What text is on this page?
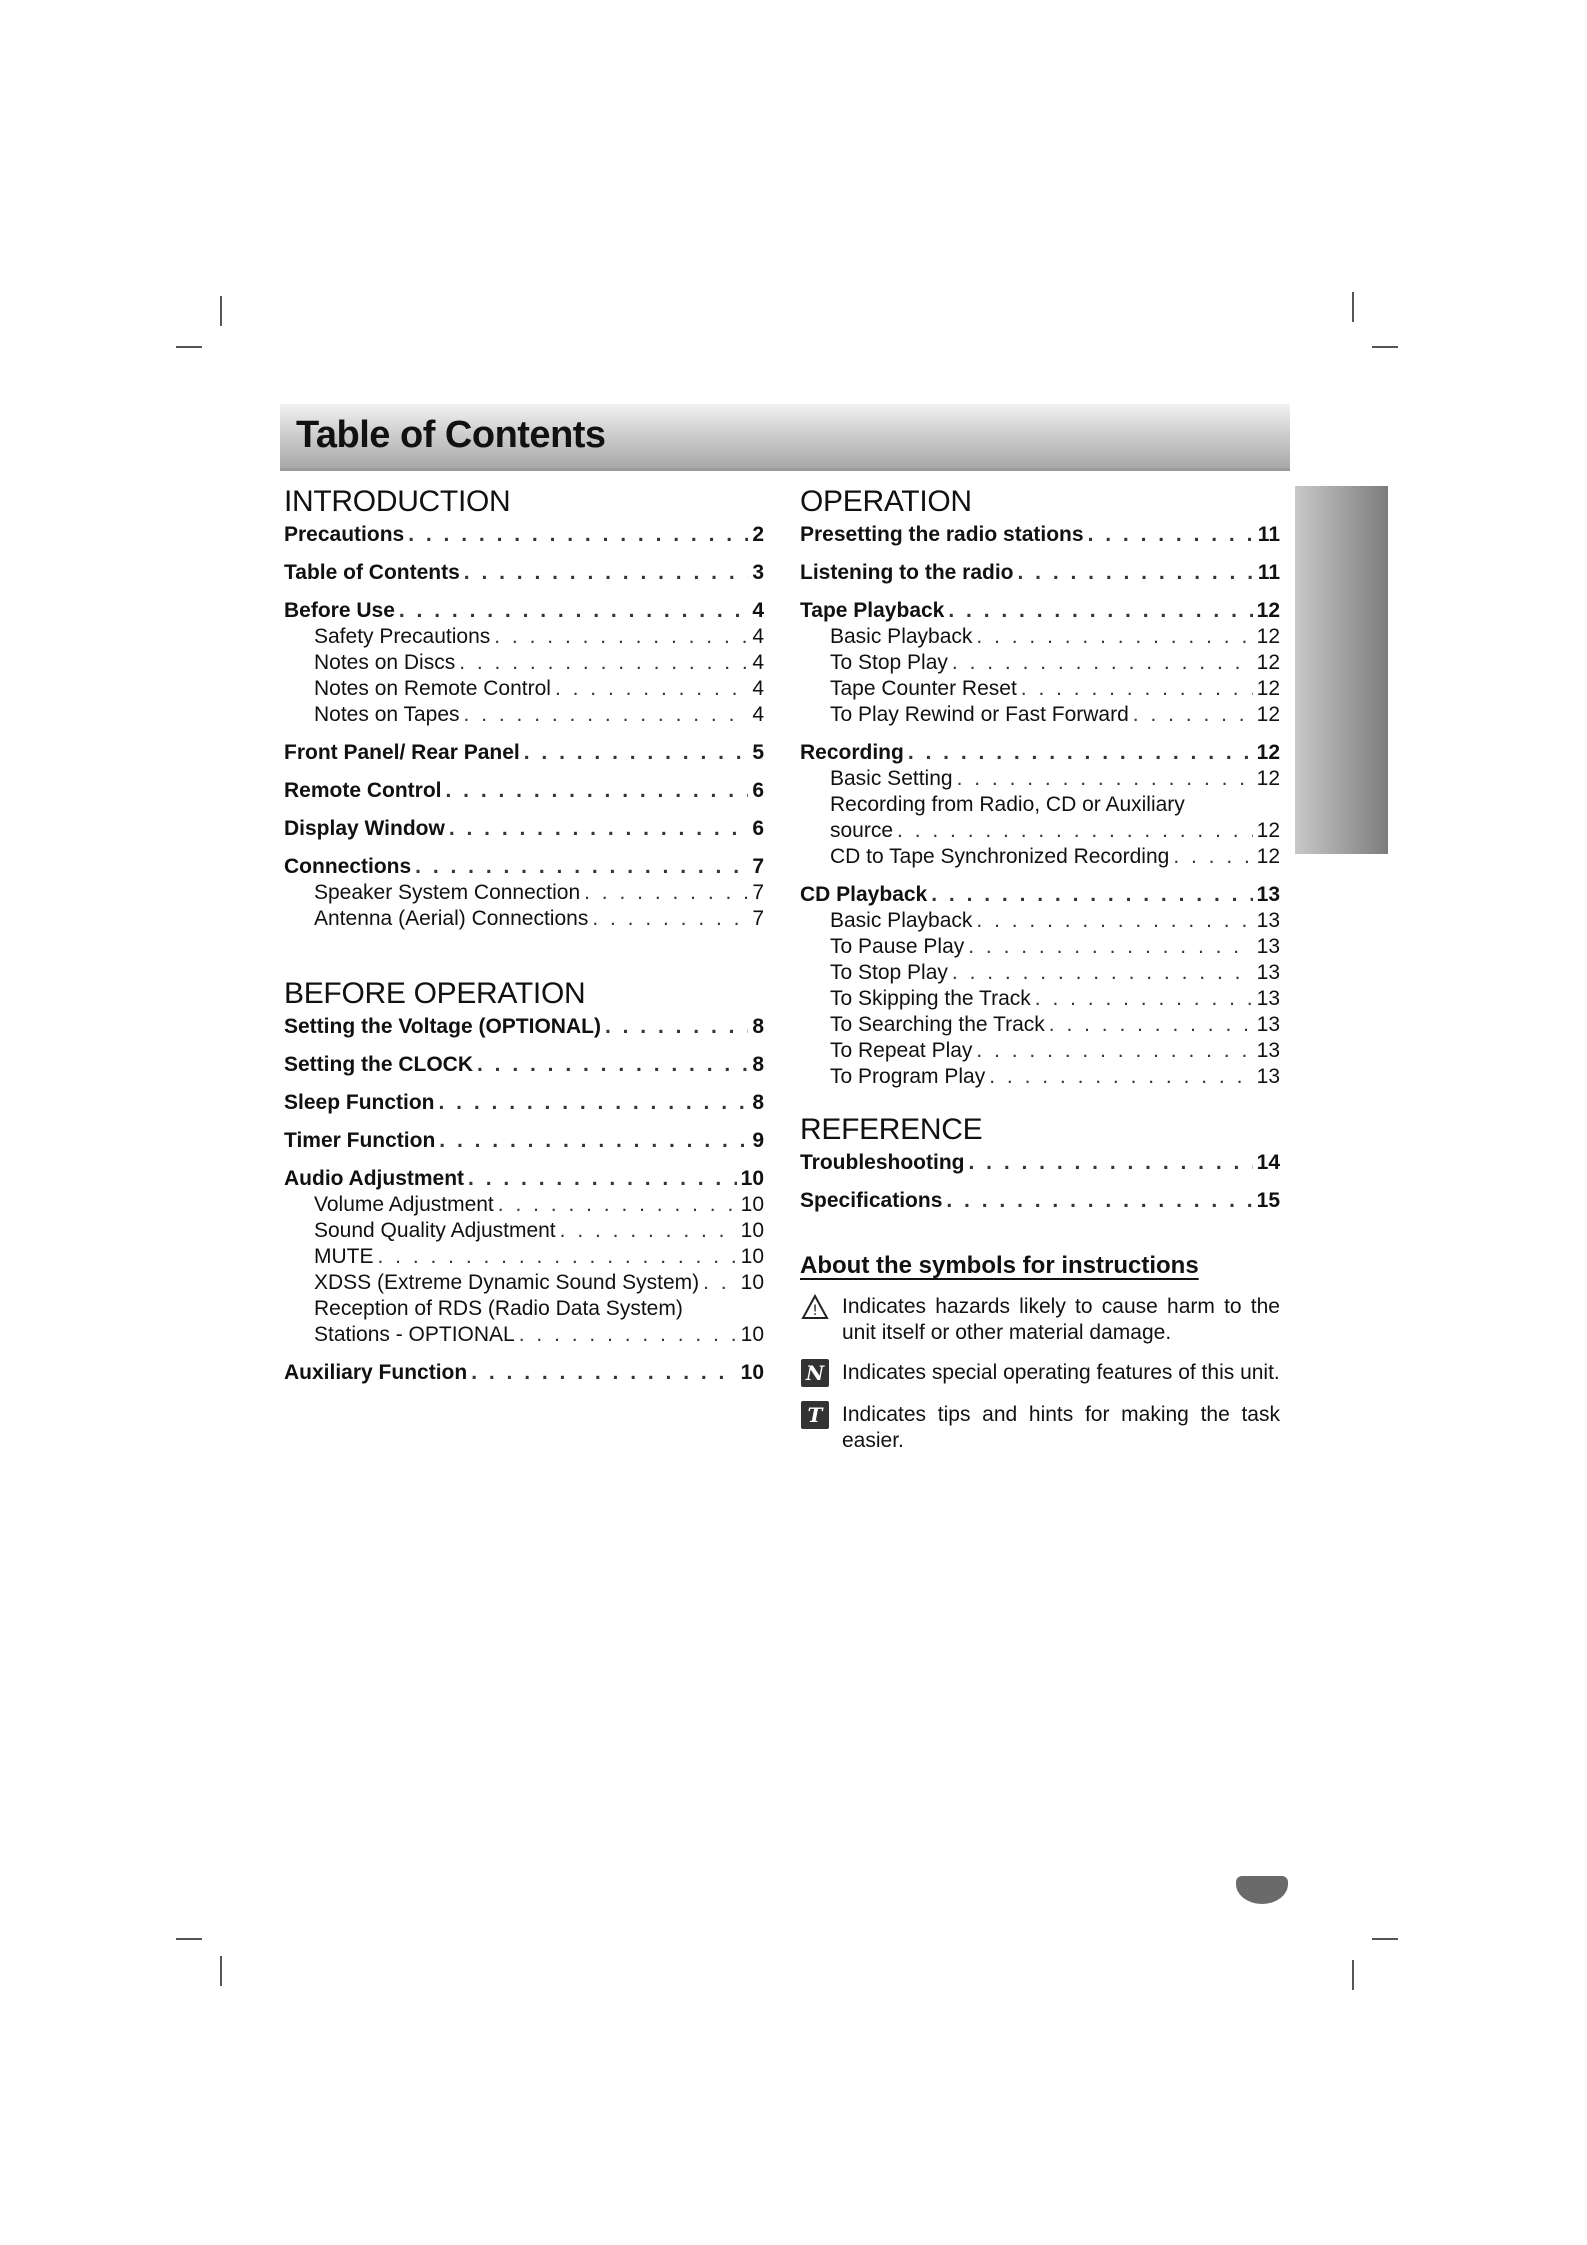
Table of Contents
INTRODUCTION
Precautions . . .	2
Table of Contents . . .	3
Before Use . . .	4
Safety Precautions . . .	4
Notes on Discs . . .	4
Notes on Remote Control . . .	4
Notes on Tapes . . .	4
Front Panel/ Rear Panel . . .	5
Remote Control . . .	6
Display Window . . .	6
Connections . . .	7
Speaker System Connection . . .	7
Antenna (Aerial) Connections . . .	7
BEFORE OPERATION
Setting the Voltage (OPTIONAL) . . .	8
Setting the CLOCK . . .	8
Sleep Function . . .	8
Timer Function . . .	9
Audio Adjustment . . .	10
Volume Adjustment . . .	10
Sound Quality Adjustment . . .	10
MUTE . . .	10
XDSS (Extreme Dynamic Sound System) . . . 10
Reception of RDS (Radio Data System)
Stations - OPTIONAL . . .	10
Auxiliary Function . . .	10
OPERATION
Presetting the radio stations . . .	11
Listening to the radio . . .	11
Tape Playback . . .	12
Basic Playback . . .	12
To Stop Play . . .	12
Tape Counter Reset . . .	12
To Play Rewind or Fast Forward . . .	12
Recording . . .	12
Basic Setting . . .	12
Recording from Radio, CD or Auxiliary
source . . .	12
CD to Tape Synchronized Recording . . .	12
CD Playback . . .	13
Basic Playback . . .	13
To Pause Play . . .	13
To Stop Play . . .	13
To Skipping the Track . . .	13
To Searching the Track . . .	13
To Repeat Play . . .	13
To Program Play . . .	13
REFERENCE
Troubleshooting . . .	14
Specifications . . .	15
About the symbols for instructions
! Indicates hazards likely to cause harm to the unit itself or other material damage.
N Indicates special operating features of this unit.
T Indicates tips and hints for making the task easier.
